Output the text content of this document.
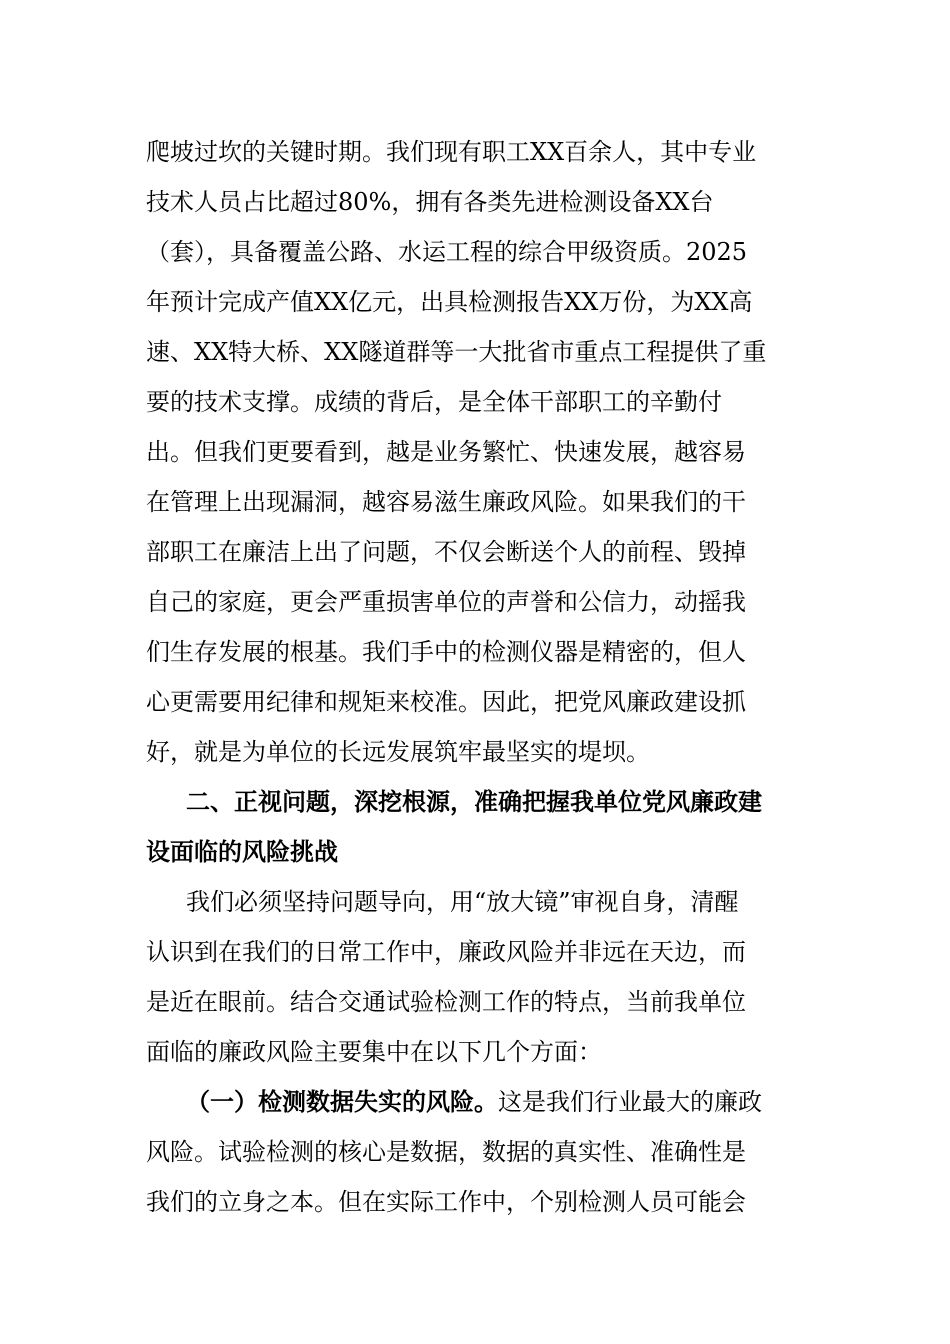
爬坡过坎的关键时期。我们现有职工XX百余人，其中专业
技术人员占比超过80%，拥有各类先进检测设备XX台
（套），具备覆盖公路、水运工程的综合甲级资质。2025
年预计完成产值XX亿元，出具检测报告XX万份，为XX高
速、XX特大桥、XX隧道群等一大批省市重点工程提供了重
要的技术支撑。成绩的背后，是全体干部职工的辛勤付
出。但我们更要看到，越是业务繁忙、快速发展，越容易
在管理上出现漏洞，越容易滋生廉政风险。如果我们的干
部职工在廉洁上出了问题，不仅会断送个人的前程、毁掉
自己的家庭，更会严重损害单位的声誉和公信力，动摇我
们生存发展的根基。我们手中的检测仪器是精密的，但人
心更需要用纪律和规矩来校准。因此，把党风廉政建设抓
好，就是为单位的长远发展筑牢最坚实的堤坝。
二、正视问题，深挖根源，准确把握我单位党风廉政建
设面临的风险挑战
我们必须坚持问题导向，用“放大镜”审视自身，清醒
认识到在我们的日常工作中，廉政风险并非远在天边，而
是近在眼前。结合交通试验检测工作的特点，当前我单位
面临的廉政风险主要集中在以下几个方面：
（一）检测数据失实的风险。这是我们行业最大的廉政
风险。试验检测的核心是数据，数据的真实性、准确性是
我们的立身之本。但在实际工作中，个别检测人员可能会
